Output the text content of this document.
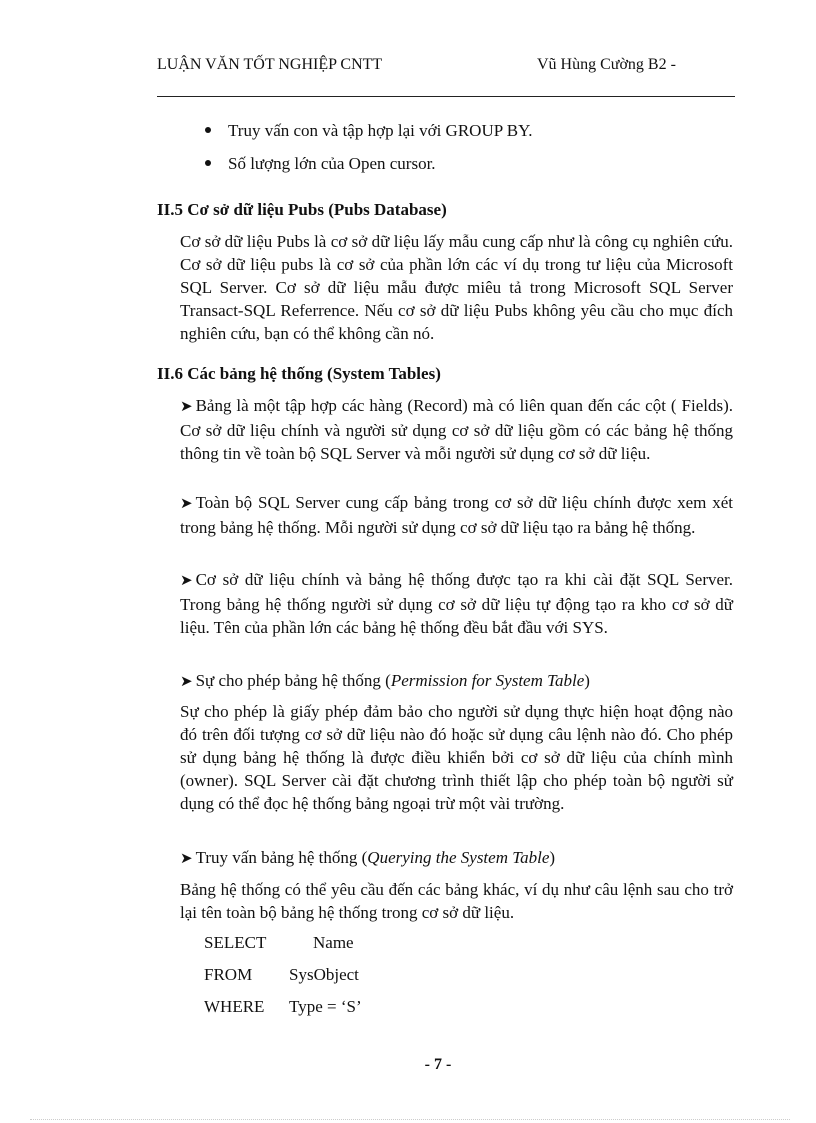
LUẬN VĂN TỐT NGHIỆP CNTT	Vũ Hùng Cường B2 -
Truy vấn con và tập hợp lại với GROUP BY.
Số lượng lớn của Open cursor.
II.5 Cơ sở dữ liệu Pubs (Pubs Database)
Cơ sở dữ liệu Pubs là cơ sở dữ liệu lấy mẫu cung cấp như là công cụ nghiên cứu. Cơ sở dữ liệu pubs là cơ sở của phần lớn các ví dụ trong tư liệu của Microsoft SQL Server. Cơ sở dữ liệu mẫu được miêu tả trong Microsoft SQL Server Transact-SQL Referrence. Nếu cơ sở dữ liệu Pubs không yêu cầu cho mục đích nghiên cứu, bạn có thể không cần nó.
II.6 Các bảng hệ thống (System Tables)
➤ Bảng là một tập hợp các hàng (Record) mà có liên quan đến các cột ( Fields). Cơ sở dữ liệu chính và người sử dụng cơ sở dữ liệu gồm có các bảng hệ thống thông tin về toàn bộ SQL Server và mỗi người sử dụng cơ sở dữ liệu.
➤ Toàn bộ SQL Server cung cấp bảng trong cơ sở dữ liệu chính được xem xét trong bảng hệ thống. Mỗi người sử dụng cơ sở dữ liệu tạo ra bảng hệ thống.
➤ Cơ sở dữ liệu chính và bảng hệ thống được tạo ra khi cài đặt SQL Server. Trong bảng hệ thống người sử dụng cơ sở dữ liệu tự động tạo ra kho cơ sở dữ liệu. Tên của phần lớn các bảng hệ thống đều bắt đầu với SYS.
➤ Sự cho phép bảng hệ thống (Permission for System Table)
Sự cho phép là giấy phép đảm bảo cho người sử dụng thực hiện hoạt động nào đó trên đối tượng cơ sở dữ liệu nào đó hoặc sử dụng câu lệnh nào đó. Cho phép sử dụng bảng hệ thống là được điều khiển bởi cơ sở dữ liệu của chính mình (owner). SQL Server cài đặt chương trình thiết lập cho phép toàn bộ người sử dụng có thể đọc hệ thống bảng ngoại trừ một vài trường.
➤ Truy vấn bảng hệ thống (Querying the System Table)
Bảng hệ thống có thể yêu cầu đến các bảng khác, ví dụ như câu lệnh sau cho trở lại tên toàn bộ bảng hệ thống trong cơ sở dữ liệu.
SELECT	Name
FROM SysObject
WHERE Type = ‘S’
- 7 -
